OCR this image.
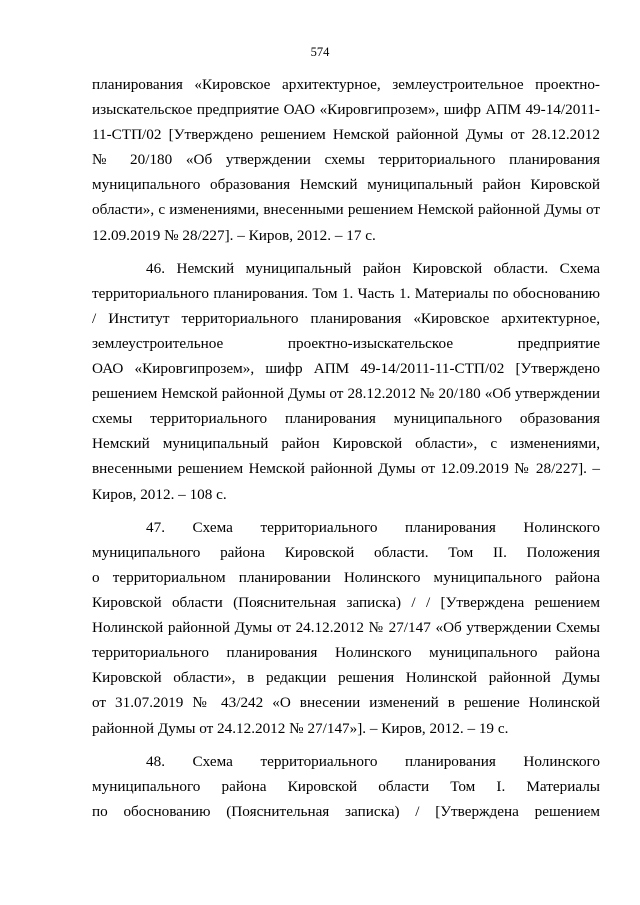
574
планирования «Кировское архитектурное, землеустроительное проектно-
изыскательское предприятие ОАО «Кировгипрозем», шифр АПМ 49-14/2011-
11-СТП/02 [Утверждено решением Немской районной Думы от 28.12.2012
№ 20/180 «Об утверждении схемы территориального планирования
муниципального образования Немский муниципальный район Кировской
области», с изменениями, внесенными решением Немской районной Думы от
12.09.2019 № 28/227]. – Киров, 2012. – 17 с.
46. Немский муниципальный район Кировской области. Схема
территориального планирования. Том 1. Часть 1. Материалы по обоснованию
/ Институт территориального планирования «Кировское архитектурное,
землеустроительное проектно-изыскательское предприятие
ОАО «Кировгипрозем», шифр АПМ 49-14/2011-11-СТП/02 [Утверждено
решением Немской районной Думы от 28.12.2012 № 20/180 «Об утверждении
схемы территориального планирования муниципального образования
Немский муниципальный район Кировской области», с изменениями,
внесенными решением Немской районной Думы от 12.09.2019 № 28/227]. –
Киров, 2012. – 108 с.
47. Схема территориального планирования Нолинского
муниципального района Кировской области. Том II. Положения
о территориальном планировании Нолинского муниципального района
Кировской области (Пояснительная записка) / / [Утверждена решением
Нолинской районной Думы от 24.12.2012 № 27/147 «Об утверждении Схемы
территориального планирования Нолинского муниципального района
Кировской области», в редакции решения Нолинской районной Думы
от 31.07.2019 № 43/242 «О внесении изменений в решение Нолинской
районной Думы от 24.12.2012 № 27/147»]. – Киров, 2012. – 19 с.
48. Схема территориального планирования Нолинского
муниципального района Кировской области Том I. Материалы
по обоснованию (Пояснительная записка) / [Утверждена решением
